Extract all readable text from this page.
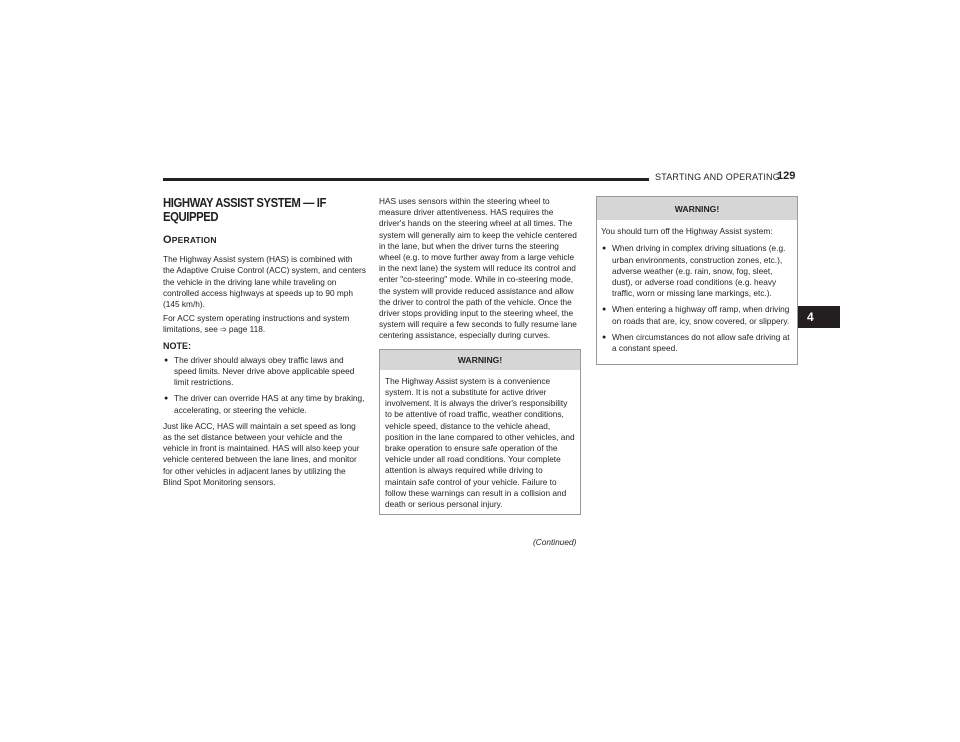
STARTING AND OPERATING
129
4
HIGHWAY ASSIST SYSTEM — IF EQUIPPED
OPERATION

The Highway Assist system (HAS) is combined with the Adaptive Cruise Control (ACC) system, and centers the vehicle in the driving lane while traveling on controlled access highways at speeds up to 90 mph (145 km/h).

For ACC system operating instructions and system limitations, see ➩ page 118.

NOTE:
● The driver should always obey traffic laws and speed limits. Never drive above applicable speed limit restrictions.
● The driver can override HAS at any time by braking, accelerating, or steering the vehicle.

Just like ACC, HAS will maintain a set speed as long as the set distance between your vehicle and the vehicle in front is maintained. HAS will also keep your vehicle centered between the lane lines, and monitor for other vehicles in adjacent lanes by utilizing the Blind Spot Monitoring sensors.

HAS uses sensors within the steering wheel to measure driver attentiveness. HAS requires the driver's hands on the steering wheel at all times. The system will generally aim to keep the vehicle centered in the lane, but when the driver turns the steering wheel (e.g. to move further away from a large vehicle in the next lane) the system will reduce its control and enter "co-steering" mode. While in co-steering mode, the system will provide reduced assistance and allow the driver to control the path of the vehicle. Once the driver stops providing input to the steering wheel, the system will require a few seconds to fully resume lane centering assistance, especially during curves.

WARNING!
The Highway Assist system is a convenience system. It is not a substitute for active driver involvement. It is always the driver's responsibility to be attentive of road traffic, weather conditions, vehicle speed, distance to the vehicle ahead, position in the lane compared to other vehicles, and brake operation to ensure safe operation of the vehicle under all road conditions. Your complete attention is always required while driving to maintain safe control of your vehicle. Failure to follow these warnings can result in a collision and death or serious personal injury.
(Continued)
WARNING!

You should turn off the Highway Assist system:

● When driving in complex driving situations (e.g. urban environments, construction zones, etc.), adverse weather (e.g. rain, snow, fog, sleet, dust), or adverse road conditions (e.g. heavy traffic, worn or missing lane markings, etc.).
● When entering a highway off ramp, when driving on roads that are, icy, snow covered, or slippery.
● When circumstances do not allow safe driving at a constant speed.
